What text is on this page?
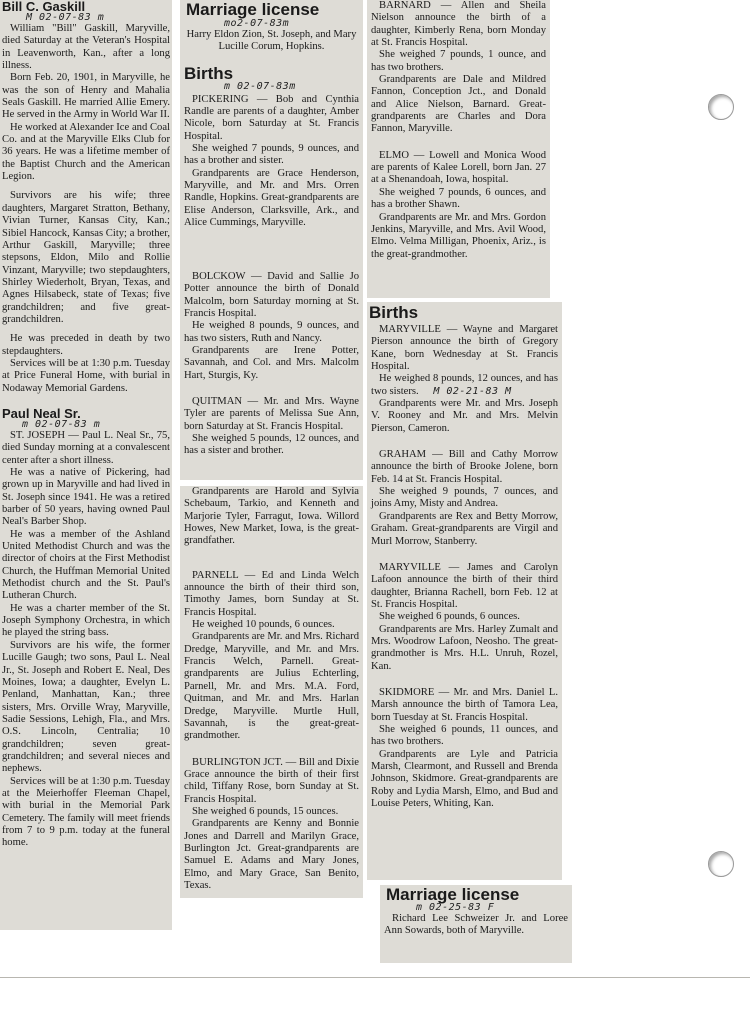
Bill C. Gaskill
M 02-07-83 m

William "Bill" Gaskill, Maryville, died Saturday at the Veteran's Hospital in Leavenworth, Kan., after a long illness.

Born Feb. 20, 1901, in Maryville, he was the son of Henry and Mahalia Seals Gaskill. He married Allie Emery. He served in the Army in World War II.

He worked at Alexander Ice and Coal Co. and at the Maryville Elks Club for 36 years. He was a lifetime member of the Baptist Church and the American Legion.

Survivors are his wife; three daughters, Margaret Stratton, Bethany, Vivian Turner, Kansas City, Kan.; Sibiel Hancock, Kansas City; a brother, Arthur Gaskill, Maryville; three stepsons, Eldon, Milo and Rollie Vinzant, Maryville; two stepdaughters, Shirley Wiederholt, Bryan, Texas, and Agnes Hilsabeck, state of Texas; five grandchildren; and five great-grandchildren.

He was preceded in death by two stepdaughters.

Services will be at 1:30 p.m. Tuesday at Price Funeral Home, with burial in Nodaway Memorial Gardens.

Paul Neal Sr.
m 02-07-83 m

ST. JOSEPH — Paul L. Neal Sr., 75, died Sunday morning at a convalescent center after a short illness.

He was a native of Pickering, had grown up in Maryville and had lived in St. Joseph since 1941. He was a retired barber of 50 years, having owned Paul Neal's Barber Shop.

He was a member of the Ashland United Methodist Church and was the director of choirs at the First Methodist Church, the Huffman Memorial United Methodist church and the St. Paul's Lutheran Church.

He was a charter member of the St. Joseph Symphony Orchestra, in which he played the string bass.

Survivors are his wife, the former Lucille Gaugh; two sons, Paul L. Neal Jr., St. Joseph and Robert E. Neal, Des Moines, Iowa; a daughter, Evelyn L. Penland, Manhattan, Kan.; three sisters, Mrs. Orville Wray, Maryville, Sadie Sessions, Lehigh, Fla., and Mrs. O.S. Lincoln, Centralia; 10 grandchildren; seven great-grandchildren; and several nieces and nephews.

Services will be at 1:30 p.m. Tuesday at the Meierhoffer Fleeman Chapel, with burial in the Memorial Park Cemetery. The family will meet friends from 7 to 9 p.m. today at the funeral home.

Marriage license
mo2-07-83m

Harry Eldon Zion, St. Joseph, and Mary Lucille Corum, Hopkins.

Births
m 02-07-83m

PICKERING — Bob and Cynthia Randle are parents of a daughter, Amber Nicole, born Saturday at St. Francis Hospital.

She weighed 7 pounds, 9 ounces, and has a brother and sister.

Grandparents are Grace Henderson, Maryville, and Mr. and Mrs. Orren Randle, Hopkins. Great-grandparents are Elise Anderson, Clarksville, Ark., and Alice Cummings, Maryville.

BOLCKOW — David and Sallie Jo Potter announce the birth of Donald Malcolm, born Saturday morning at St. Francis Hospital.

He weighed 8 pounds, 9 ounces, and has two sisters, Ruth and Nancy.

Grandparents are Irene Potter, Savannah, and Col. and Mrs. Malcolm Hart, Sturgis, Ky.

QUITMAN — Mr. and Mrs. Wayne Tyler are parents of Melissa Sue Ann, born Saturday at St. Francis Hospital.

She weighed 5 pounds, 12 ounces, and has a sister and brother.

Grandparents are Harold and Sylvia Schebaum, Tarkio, and Kenneth and Marjorie Tyler, Farragut, Iowa. Willord Howes, New Market, Iowa, is the great-grandfather.

PARNELL — Ed and Linda Welch announce the birth of their third son, Timothy James, born Sunday at St. Francis Hospital.

He weighed 10 pounds, 6 ounces.

Grandparents are Mr. and Mrs. Richard Dredge, Maryville, and Mr. and Mrs. Francis Welch, Parnell. Great-grandparents are Julius Echterling, Parnell, Mr. and Mrs. M.A. Ford, Quitman, and Mr. and Mrs. Harlan Dredge, Maryville. Murtle Hull, Savannah, is the great-great-grandmother.

BURLINGTON JCT. — Bill and Dixie Grace announce the birth of their first child, Tiffany Rose, born Sunday at St. Francis Hospital.

She weighed 6 pounds, 15 ounces.

Grandparents are Kenny and Bonnie Jones and Darrell and Marilyn Grace, Burlington Jct. Great-grandparents are Samuel E. Adams and Mary Jones, Elmo, and Mary Grace, San Benito, Texas.

BARNARD — Allen and Sheila Nielson announce the birth of a daughter, Kimberly Rena, born Monday at St. Francis Hospital.

She weighed 7 pounds, 1 ounce, and has two brothers.

Grandparents are Dale and Mildred Fannon, Conception Jct., and Donald and Alice Nielson, Barnard. Great-grandparents are Charles and Dora Fannon, Maryville.

ELMO — Lowell and Monica Wood are parents of Kalee Lorell, born Jan. 27 at a Shenandoah, Iowa, hospital.

She weighed 7 pounds, 6 ounces, and has a brother Shawn.

Grandparents are Mr. and Mrs. Gordon Jenkins, Maryville, and Mrs. Avil Wood, Elmo. Velma Milligan, Phoenix, Ariz., is the great-grandmother.

Births

MARYVILLE — Wayne and Margaret Pierson announce the birth of Gregory Kane, born Wednesday at St. Francis Hospital.

He weighed 8 pounds, 12 ounces, and has two sisters. M 02-21-83 M

Grandparents were Mr. and Mrs. Joseph V. Rooney and Mr. and Mrs. Melvin Pierson, Cameron.

GRAHAM — Bill and Cathy Morrow announce the birth of Brooke Jolene, born Feb. 14 at St. Francis Hospital.

She weighed 9 pounds, 7 ounces, and joins Amy, Misty and Andrea.

Grandparents are Rex and Betty Morrow, Graham. Great-grandparents are Virgil and Murl Morrow, Stanberry.

MARYVILLE — James and Carolyn Lafoon announce the birth of their third daughter, Brianna Rachell, born Feb. 12 at St. Francis Hospital.

She weighed 6 pounds, 6 ounces.

Grandparents are Mrs. Harley Zumalt and Mrs. Woodrow Lafoon, Neosho. The great-grandmother is Mrs. H.L. Unruh, Rozel, Kan.

SKIDMORE — Mr. and Mrs. Daniel L. Marsh announce the birth of Tamora Lea, born Tuesday at St. Francis Hospital.

She weighed 6 pounds, 11 ounces, and has two brothers.

Grandparents are Lyle and Patricia Marsh, Clearmont, and Russell and Brenda Johnson, Skidmore. Great-grandparents are Roby and Lydia Marsh, Elmo, and Bud and Louise Peters, Whiting, Kan.

Marriage license
m 02-25-83 F

Richard Lee Schweizer Jr. and Loree Ann Sowards, both of Maryville.
